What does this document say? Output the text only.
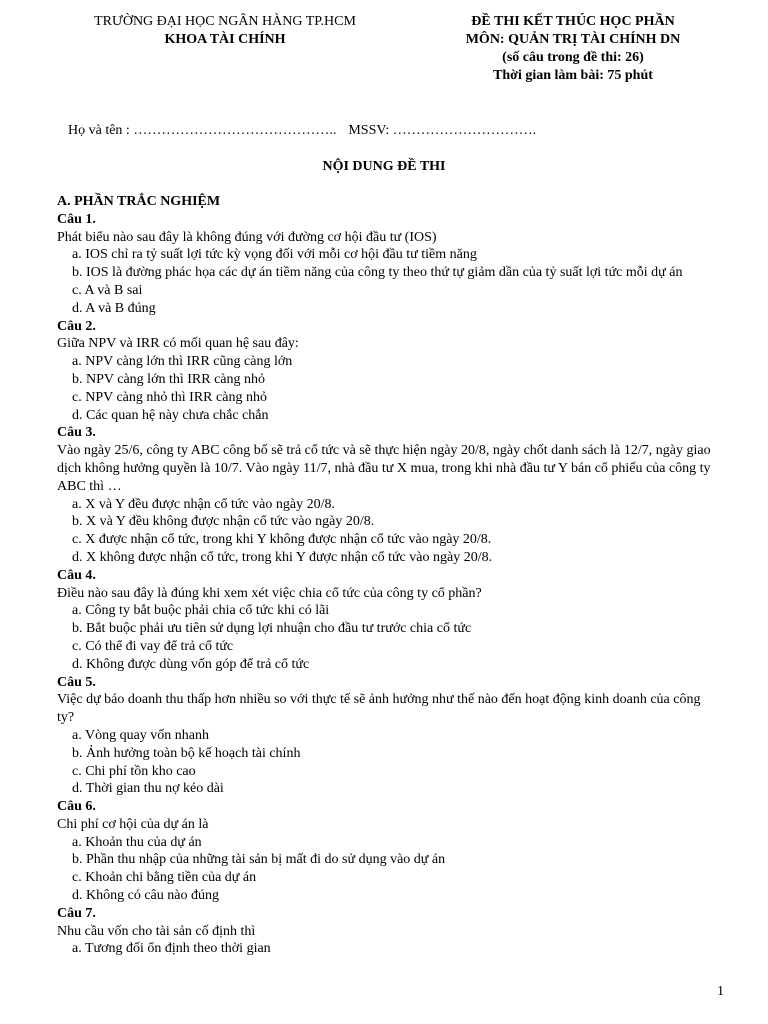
TRƯỜNG ĐẠI HỌC NGÂN HÀNG TP.HCM
KHOA TÀI CHÍNH
ĐỀ THI KẾT THÚC HỌC PHẦN
MÔN: QUẢN TRỊ TÀI CHÍNH DN
(số câu trong đề thi: 26)
Thời gian làm bài: 75 phút
Họ và tên : …………………………………….. MSSV: ………………………….
NỘI DUNG ĐỀ THI
A. PHẦN TRẮC NGHIỆM
Câu 1.
Phát biểu nào sau đây là không đúng với đường cơ hội đầu tư (IOS)
a. IOS chỉ ra tỷ suất lợi tức kỳ vọng đối với mỗi cơ hội đầu tư tiềm năng
b. IOS là đường phác họa các dự án tiềm năng của công ty theo thứ tự giảm dần của tỷ suất lợi tức mỗi dự án
c. A và B sai
d. A và B đúng
Câu 2.
Giữa NPV và IRR có mối quan hệ sau đây:
a. NPV càng lớn thì IRR cũng càng lớn
b. NPV càng lớn thì IRR càng nhỏ
c. NPV càng nhỏ thì IRR càng nhỏ
d. Các quan hệ này chưa chắc chắn
Câu 3.
Vào ngày 25/6, công ty ABC công bố sẽ trả cổ tức và sẽ thực hiện ngày 20/8, ngày chốt danh sách là 12/7, ngày giao dịch không hưởng quyền là 10/7. Vào ngày 11/7, nhà đầu tư X mua, trong khi nhà đầu tư Y bán cổ phiếu của công ty ABC thì …
a. X và Y đều được nhận cổ tức vào ngày 20/8.
b. X và Y đều không được nhận cổ tức vào ngày 20/8.
c. X được nhận cổ tức, trong khi Y không được nhận cổ tức vào ngày 20/8.
d. X không được nhận cổ tức, trong khi Y được nhận cổ tức vào ngày 20/8.
Câu 4.
Điều nào sau đây là đúng khi xem xét việc chia cổ tức của công ty cổ phần?
a. Công ty bắt buộc phải chia cổ tức khi có lãi
b. Bắt buộc phải ưu tiên sử dụng lợi nhuận cho đầu tư trước chia cổ tức
c. Có thể đi vay để trả cổ tức
d. Không được dùng vốn góp để trả cổ tức
Câu 5.
Việc dự báo doanh thu thấp hơn nhiều so với thực tế sẽ ảnh hưởng như thế nào đến hoạt động kinh doanh của công ty?
a. Vòng quay vốn nhanh
b. Ảnh hưởng toàn bộ kế hoạch tài chính
c. Chi phí tồn kho cao
d. Thời gian thu nợ kéo dài
Câu 6.
Chi phí cơ hội của dự án là
a. Khoản thu của dự án
b. Phần thu nhập của những tài sản bị mất đi do sử dụng vào dự án
c. Khoản chi bằng tiền của dự án
d. Không có câu nào đúng
Câu 7.
Nhu cầu vốn cho tài sản cố định thì
a. Tương đối ổn định theo thời gian
1
